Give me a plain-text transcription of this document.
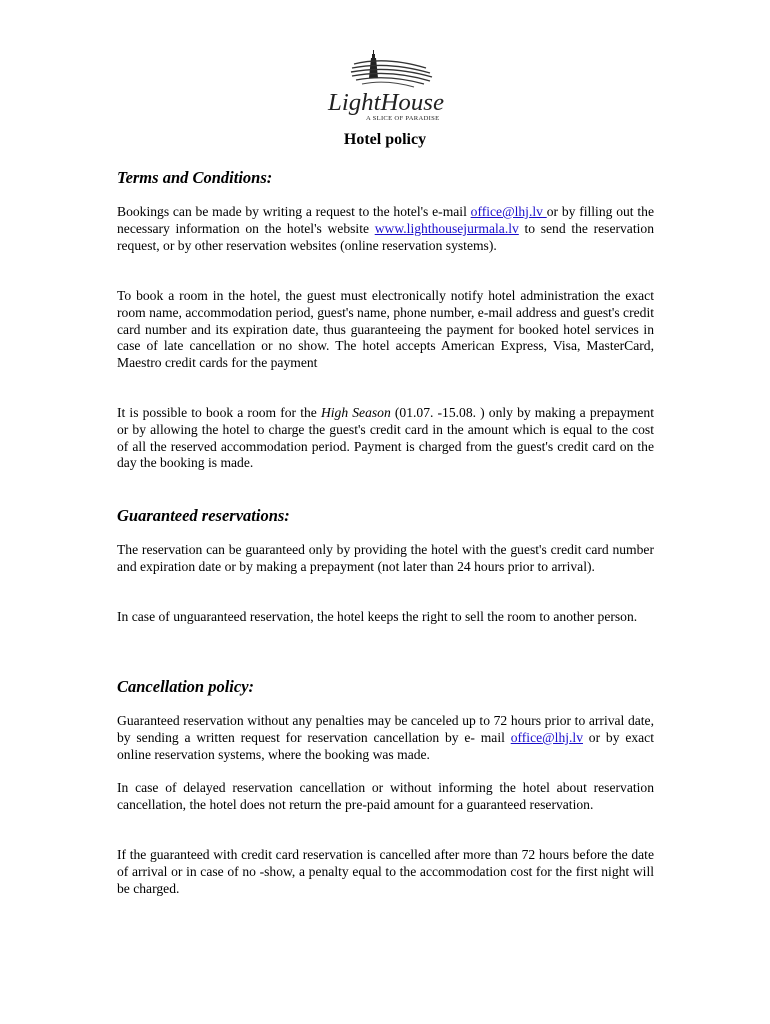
LightHouse
A SLICE OF PARADISE
Hotel policy
Terms and Conditions:

Bookings can be made by writing a request to the hotel's e-mail office@lhj.lv or by filling out the necessary information on the hotel's website www.lighthousejurmala.lv to send the reservation request, or by other reservation websites (online reservation systems).

To book a room in the hotel, the guest must electronically notify hotel administration the exact room name, accommodation period, guest's name, phone number, e-mail address and guest's credit card number and its expiration date, thus guaranteeing the payment for booked hotel services in case of late cancellation or no show. The hotel accepts American Express, Visa, MasterCard, Maestro credit cards for the payment

It is possible to book a room for the High Season (01.07. -15.08. ) only by making a prepayment or by allowing the hotel to charge the guest's credit card in the amount which is equal to the cost of all the reserved accommodation period. Payment is charged from the guest's credit card on the day the booking is made.

Guaranteed reservations:

The reservation can be guaranteed only by providing the hotel with the guest's credit card number and expiration date or by making a prepayment (not later than 24 hours prior to arrival).

In case of unguaranteed reservation, the hotel keeps the right to sell the room to another person.

Cancellation policy:

Guaranteed reservation without any penalties may be canceled up to 72 hours prior to arrival date, by sending a written request for reservation cancellation by e- mail office@lhj.lv or by exact online reservation systems, where the booking was made.

In case of delayed reservation cancellation or without informing the hotel about reservation cancellation, the hotel does not return the pre-paid amount for a guaranteed reservation.

If the guaranteed with credit card reservation is cancelled after more than 72 hours before the date of arrival or in case of no -show, a penalty equal to the accommodation cost for the first night will be charged.
